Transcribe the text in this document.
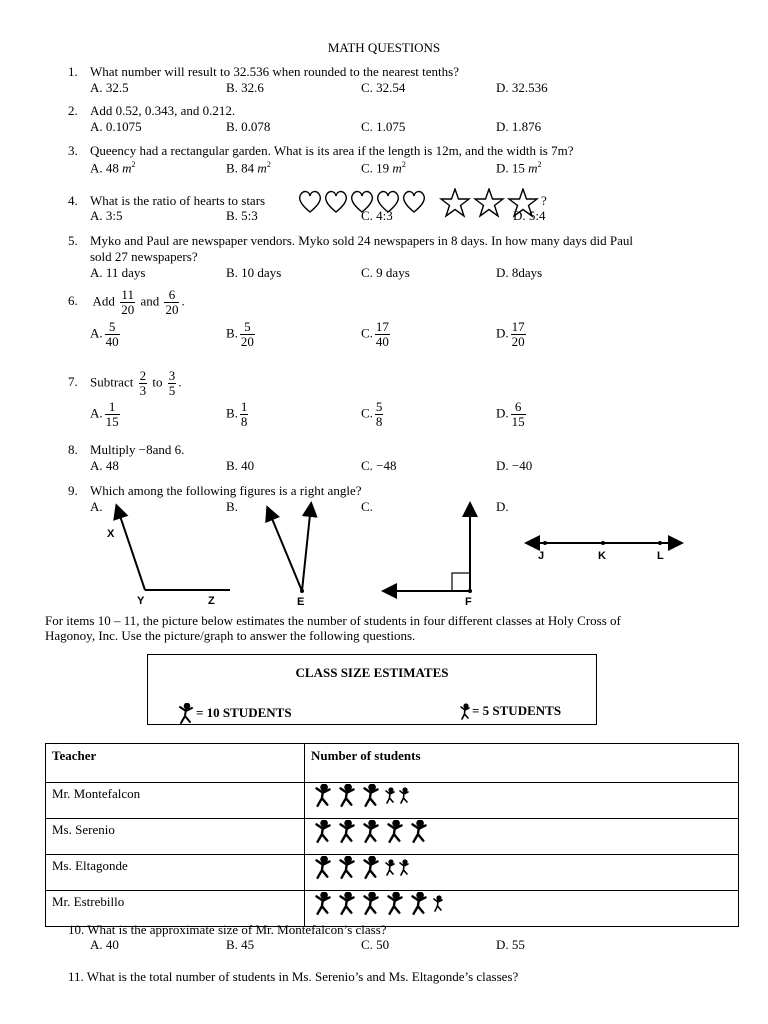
MATH QUESTIONS
1. What number will result to 32.536 when rounded to the nearest tenths?
A. 32.5	B. 32.6	C. 32.54	D. 32.536
2. Add 0.52, 0.343, and 0.212.
A. 0.1075	B. 0.078	C. 1.075	D. 1.876
3. Queency had a rectangular garden. What is its area if the length is 12m, and the width is 7m?
A. 48 $m^2$	B. 84 $m^2$	C. 19 $m^2$	D. 15 $m^2$
4. What is the ratio of hearts to stars	?
A. 3:5	B. 5:3	C. 4:3	D. 5:4
5. Myko and Paul are newspaper vendors. Myko sold 24 newspapers in 8 days. In how many days did Paul
sold 27 newspapers?
A. 11 days	B. 10 days	C. 9 days	D. 8days
6. Add $\frac{11}{20}$ and $\frac{6}{20}$ .
A. $\frac{5}{40}$	B. $\frac{5}{20}$	C. $\frac{17}{40}$	D. $\frac{17}{20}$
7. Subtract $\frac{2}{3}$ to $\frac{3}{5}$ .
A. $\frac{1}{15}$	B. $\frac{1}{8}$	C. $\frac{5}{8}$	D. $\frac{6}{15}$
8. Multiply −8and 6.
A. 48	B. 40	C. −48	D. −40
9. Which among the following figures is a right angle?
A.	B.	C.	D.
X
Y	Z	E	F
J	K	L
For items 10 – 11, the picture below estimates the number of students in four different classes at Holy Cross of
Hagonoy, Inc. Use the picture/graph to answer the following questions.
CLASS SIZE ESTIMATES
= 10 STUDENTS	= 5 STUDENTS
Teacher	Number of students
Mr. Montefalcon	
Ms. Serenio	
Ms. Eltagonde	
Mr. Estrebillo	
10. What is the approximate size of Mr. Montefalcon’s class?
A. 40	B. 45	C. 50	D. 55
11. What is the total number of students in Ms. Serenio’s and Ms. Eltagonde’s classes?
